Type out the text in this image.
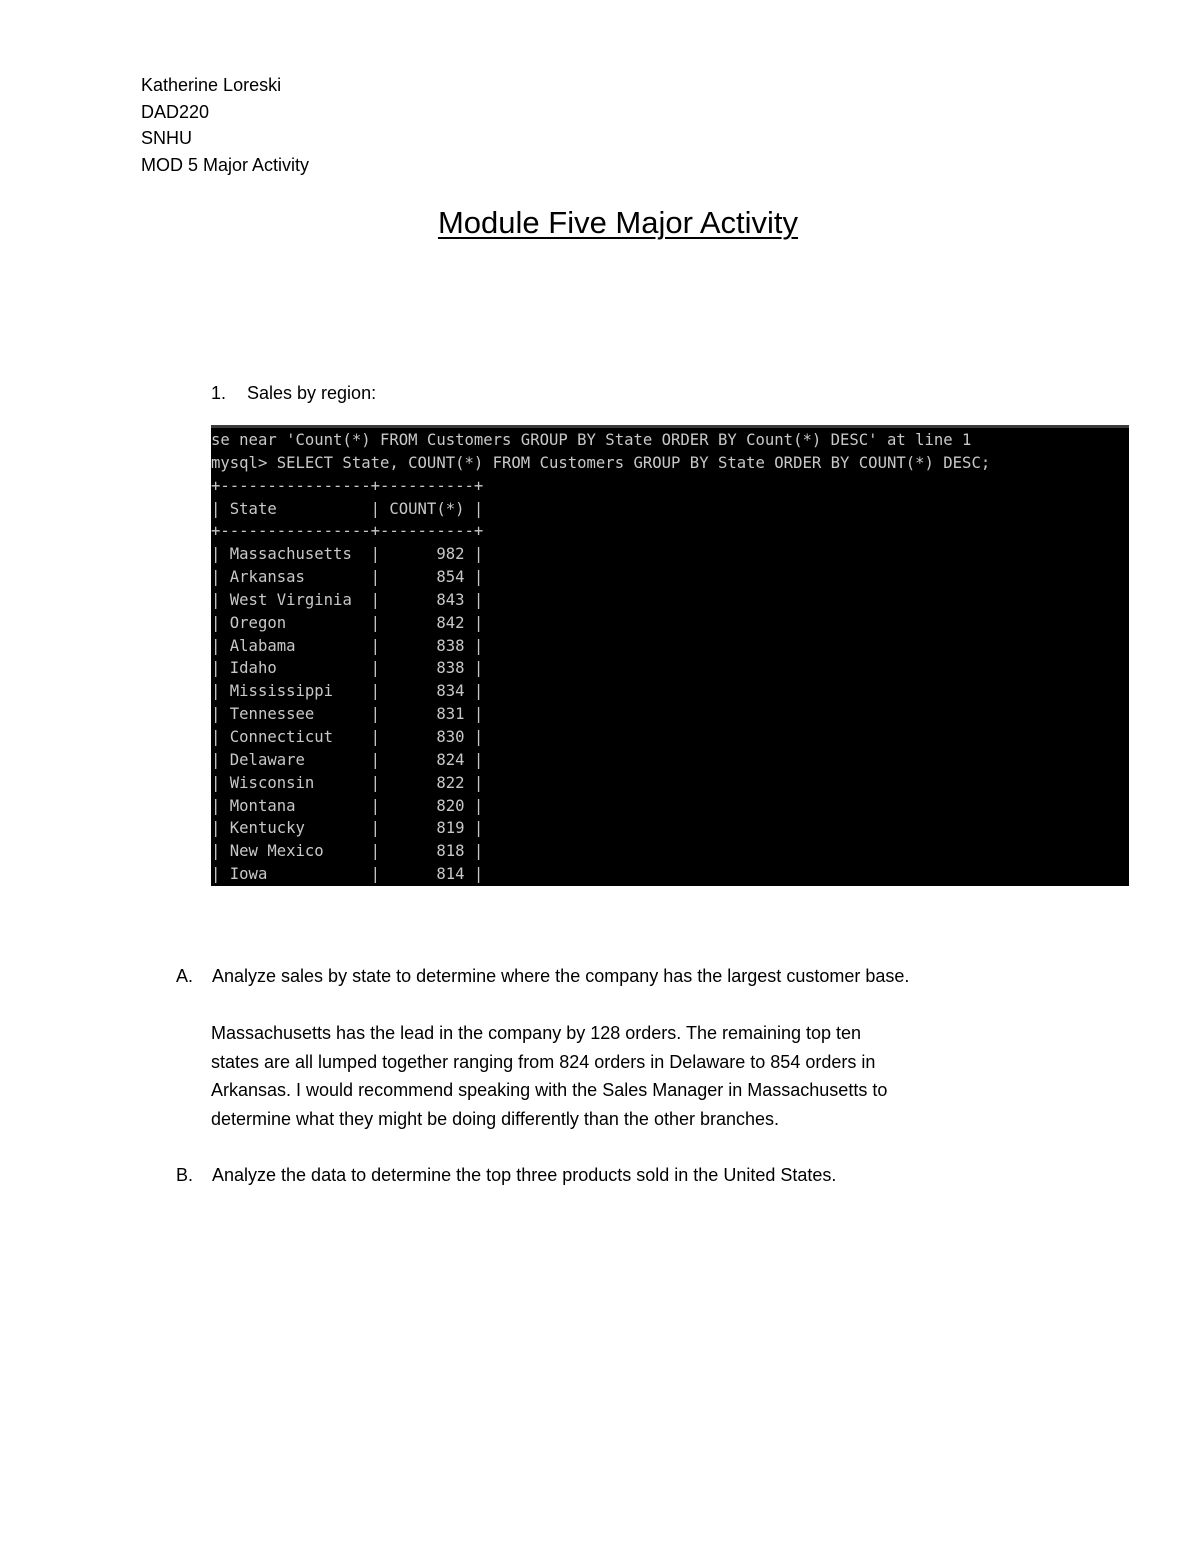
Katherine Loreski
DAD220
SNHU
MOD 5 Major Activity
Module Five Major Activity
1. Sales by region:
se near 'Count(*) FROM Customers GROUP BY State ORDER BY Count(*) DESC' at line 1
mysql> SELECT State, COUNT(*) FROM Customers GROUP BY State ORDER BY COUNT(*) DESC;
+----------------+----------+
| State          | COUNT(*) |
+----------------+----------+
| Massachusetts  |	982 |
| Arkansas       |	854 |
| West Virginia  |	843 |
| Oregon         |	842 |
| Alabama        |	838 |
| Idaho          |	838 |
| Mississippi    |	834 |
| Tennessee      |	831 |
| Connecticut    |	830 |
| Delaware       |	824 |
| Wisconsin      |	822 |
| Montana        |	820 |
| Kentucky       |	819 |
| New Mexico     |	818 |
| Iowa           |	814 |
A. Analyze sales by state to determine where the company has the largest customer base.
Massachusetts has the lead in the company by 128 orders. The remaining top ten
states are all lumped together ranging from 824 orders in Delaware to 854 orders in
Arkansas. I would recommend speaking with the Sales Manager in Massachusetts to
determine what they might be doing differently than the other branches.
B. Analyze the data to determine the top three products sold in the United States.
